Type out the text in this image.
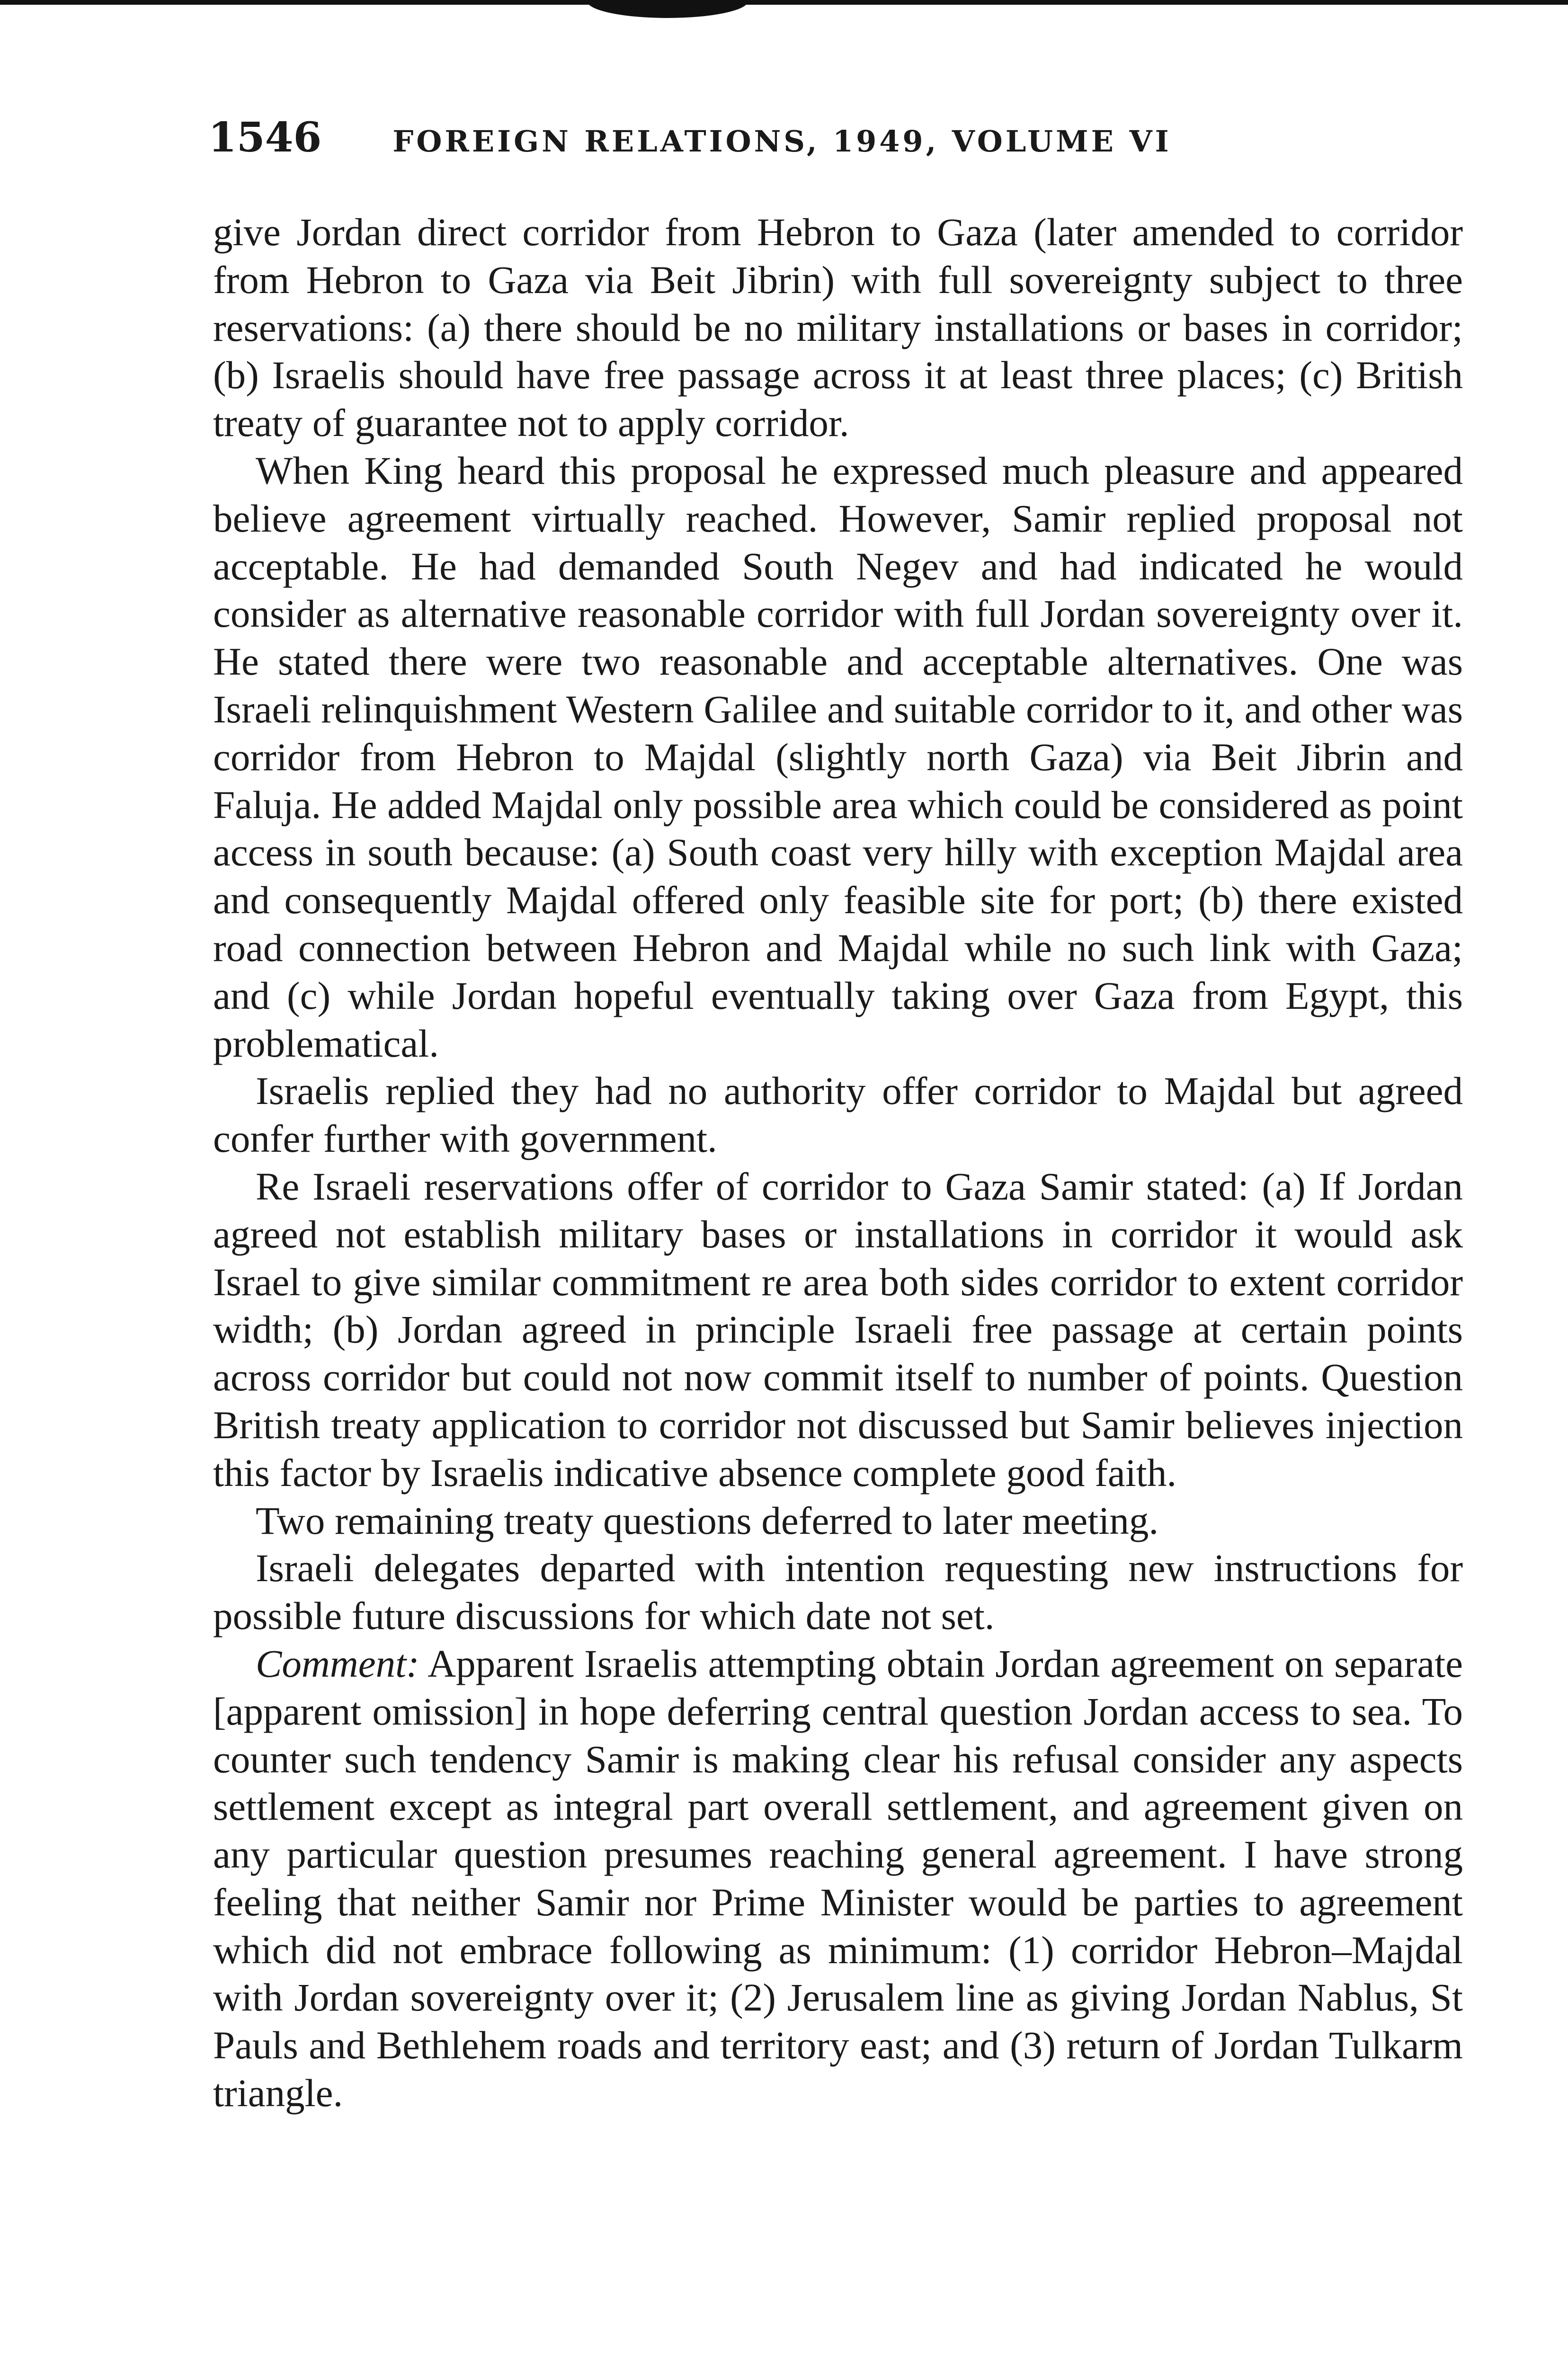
1546 FOREIGN RELATIONS, 1949, VOLUME VI

give Jordan direct corridor from Hebron to Gaza (later amended to corridor from Hebron to Gaza via Beit Jibrin) with full sovereignty subject to three reservations: (a) there should be no military installations or bases in corridor; (b) Israelis should have free passage across it at least three places; (c) British treaty of guarantee not to apply corridor.

When King heard this proposal he expressed much pleasure and appeared believe agreement virtually reached. However, Samir replied proposal not acceptable. He had demanded South Negev and had indicated he would consider as alternative reasonable corridor with full Jordan sovereignty over it. He stated there were two reasonable and acceptable alternatives. One was Israeli relinquishment Western Galilee and suitable corridor to it, and other was corridor from Hebron to Majdal (slightly north Gaza) via Beit Jibrin and Faluja. He added Majdal only possible area which could be considered as point access in south because: (a) South coast very hilly with exception Majdal area and consequently Majdal offered only feasible site for port; (b) there existed road connection between Hebron and Majdal while no such link with Gaza; and (c) while Jordan hopeful eventually taking over Gaza from Egypt, this problematical.

Israelis replied they had no authority offer corridor to Majdal but agreed confer further with government.

Re Israeli reservations offer of corridor to Gaza Samir stated: (a) If Jordan agreed not establish military bases or installations in corridor it would ask Israel to give similar commitment re area both sides corridor to extent corridor width; (b) Jordan agreed in principle Israeli free passage at certain points across corridor but could not now commit itself to number of points. Question British treaty application to corridor not discussed but Samir believes injection this factor by Israelis indicative absence complete good faith.

Two remaining treaty questions deferred to later meeting.

Israeli delegates departed with intention requesting new instructions for possible future discussions for which date not set.

Comment: Apparent Israelis attempting obtain Jordan agreement on separate [apparent omission] in hope deferring central question Jordan access to sea. To counter such tendency Samir is making clear his refusal consider any aspects settlement except as integral part overall settlement, and agreement given on any particular question presumes reaching general agreement. I have strong feeling that neither Samir nor Prime Minister would be parties to agreement which did not embrace following as minimum: (1) corridor Hebron–Majdal with Jordan sovereignty over it; (2) Jerusalem line as giving Jordan Nablus, St Pauls and Bethlehem roads and territory east; and (3) return of Jordan Tulkarm triangle.
